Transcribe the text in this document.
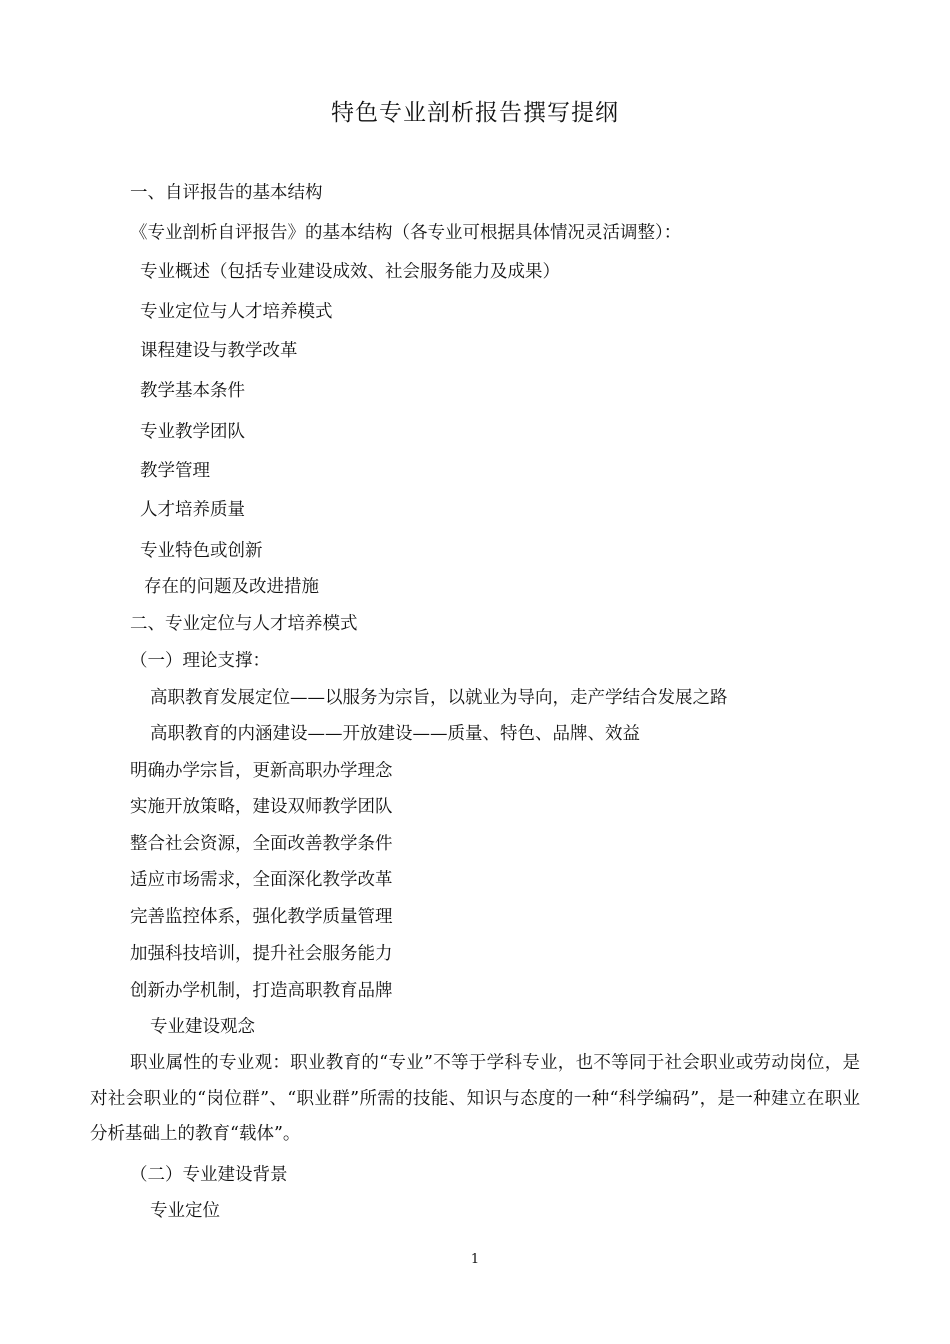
特色专业剖析报告撰写提纲
一、自评报告的基本结构
《专业剖析自评报告》的基本结构（各专业可根据具体情况灵活调整）：
专业概述（包括专业建设成效、社会服务能力及成果）
专业定位与人才培养模式
课程建设与教学改革
教学基本条件
专业教学团队
教学管理
人才培养质量
专业特色或创新
存在的问题及改进措施
二、专业定位与人才培养模式
（一）理论支撑：
高职教育发展定位——以服务为宗旨，以就业为导向，走产学结合发展之路
高职教育的内涵建设——开放建设——质量、特色、品牌、效益
明确办学宗旨，更新高职办学理念
实施开放策略，建设双师教学团队
整合社会资源，全面改善教学条件
适应市场需求，全面深化教学改革
完善监控体系，强化教学质量管理
加强科技培训，提升社会服务能力
创新办学机制，打造高职教育品牌
专业建设观念
职业属性的专业观：职业教育的“专业”不等于学科专业，也不等同于社会职业或劳动岗位，是对社会职业的“岗位群”、“职业群”所需的技能、知识与态度的一种“科学编码”，是一种建立在职业分析基础上的教育“载体”。
（二）专业建设背景
专业定位
1
